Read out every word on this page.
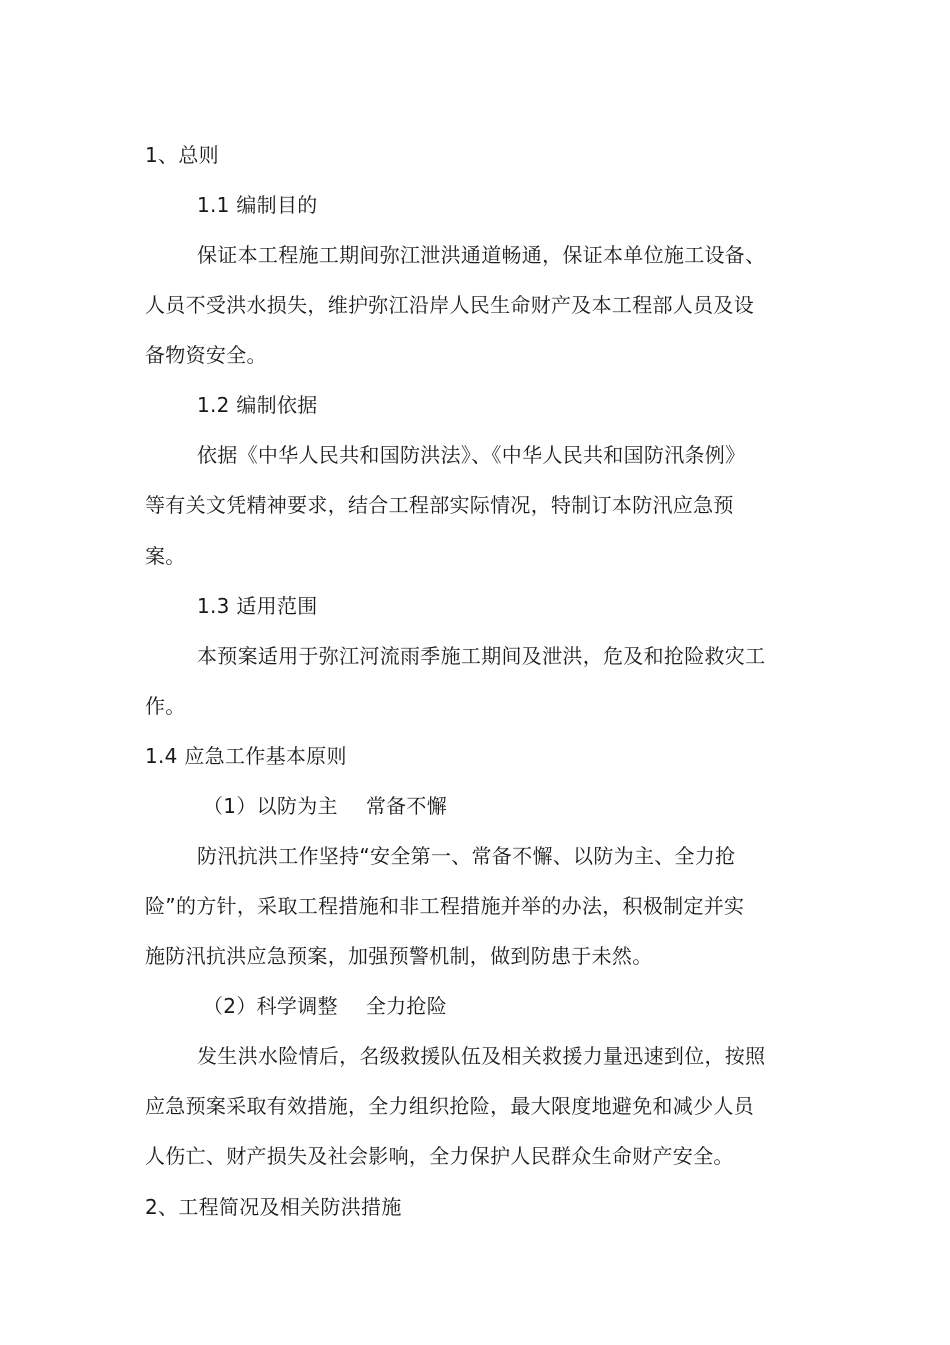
1、总则
1.1 编制目的
保证本工程施工期间弥江泄洪通道畅通，保证本单位施工设备、
人员不受洪水损失，维护弥江沿岸人民生命财产及本工程部人员及设
备物资安全。
1.2 编制依据
依据《中华人民共和国防洪法》、《中华人民共和国防汛条例》
等有关文凭精神要求，结合工程部实际情况，特制订本防汛应急预
案。
1.3 适用范围
本预案适用于弥江河流雨季施工期间及泄洪，危及和抢险救灾工
作。
1.4 应急工作基本原则
（1）以防为主 常备不懈
防汛抗洪工作坚持“安全第一、常备不懈、以防为主、全力抢
险”的方针，采取工程措施和非工程措施并举的办法，积极制定并实
施防汛抗洪应急预案，加强预警机制，做到防患于未然。
（2）科学调整 全力抢险
发生洪水险情后，名级救援队伍及相关救援力量迅速到位，按照
应急预案采取有效措施，全力组织抢险，最大限度地避免和减少人员
人伤亡、财产损失及社会影响，全力保护人民群众生命财产安全。
2、工程简况及相关防洪措施
